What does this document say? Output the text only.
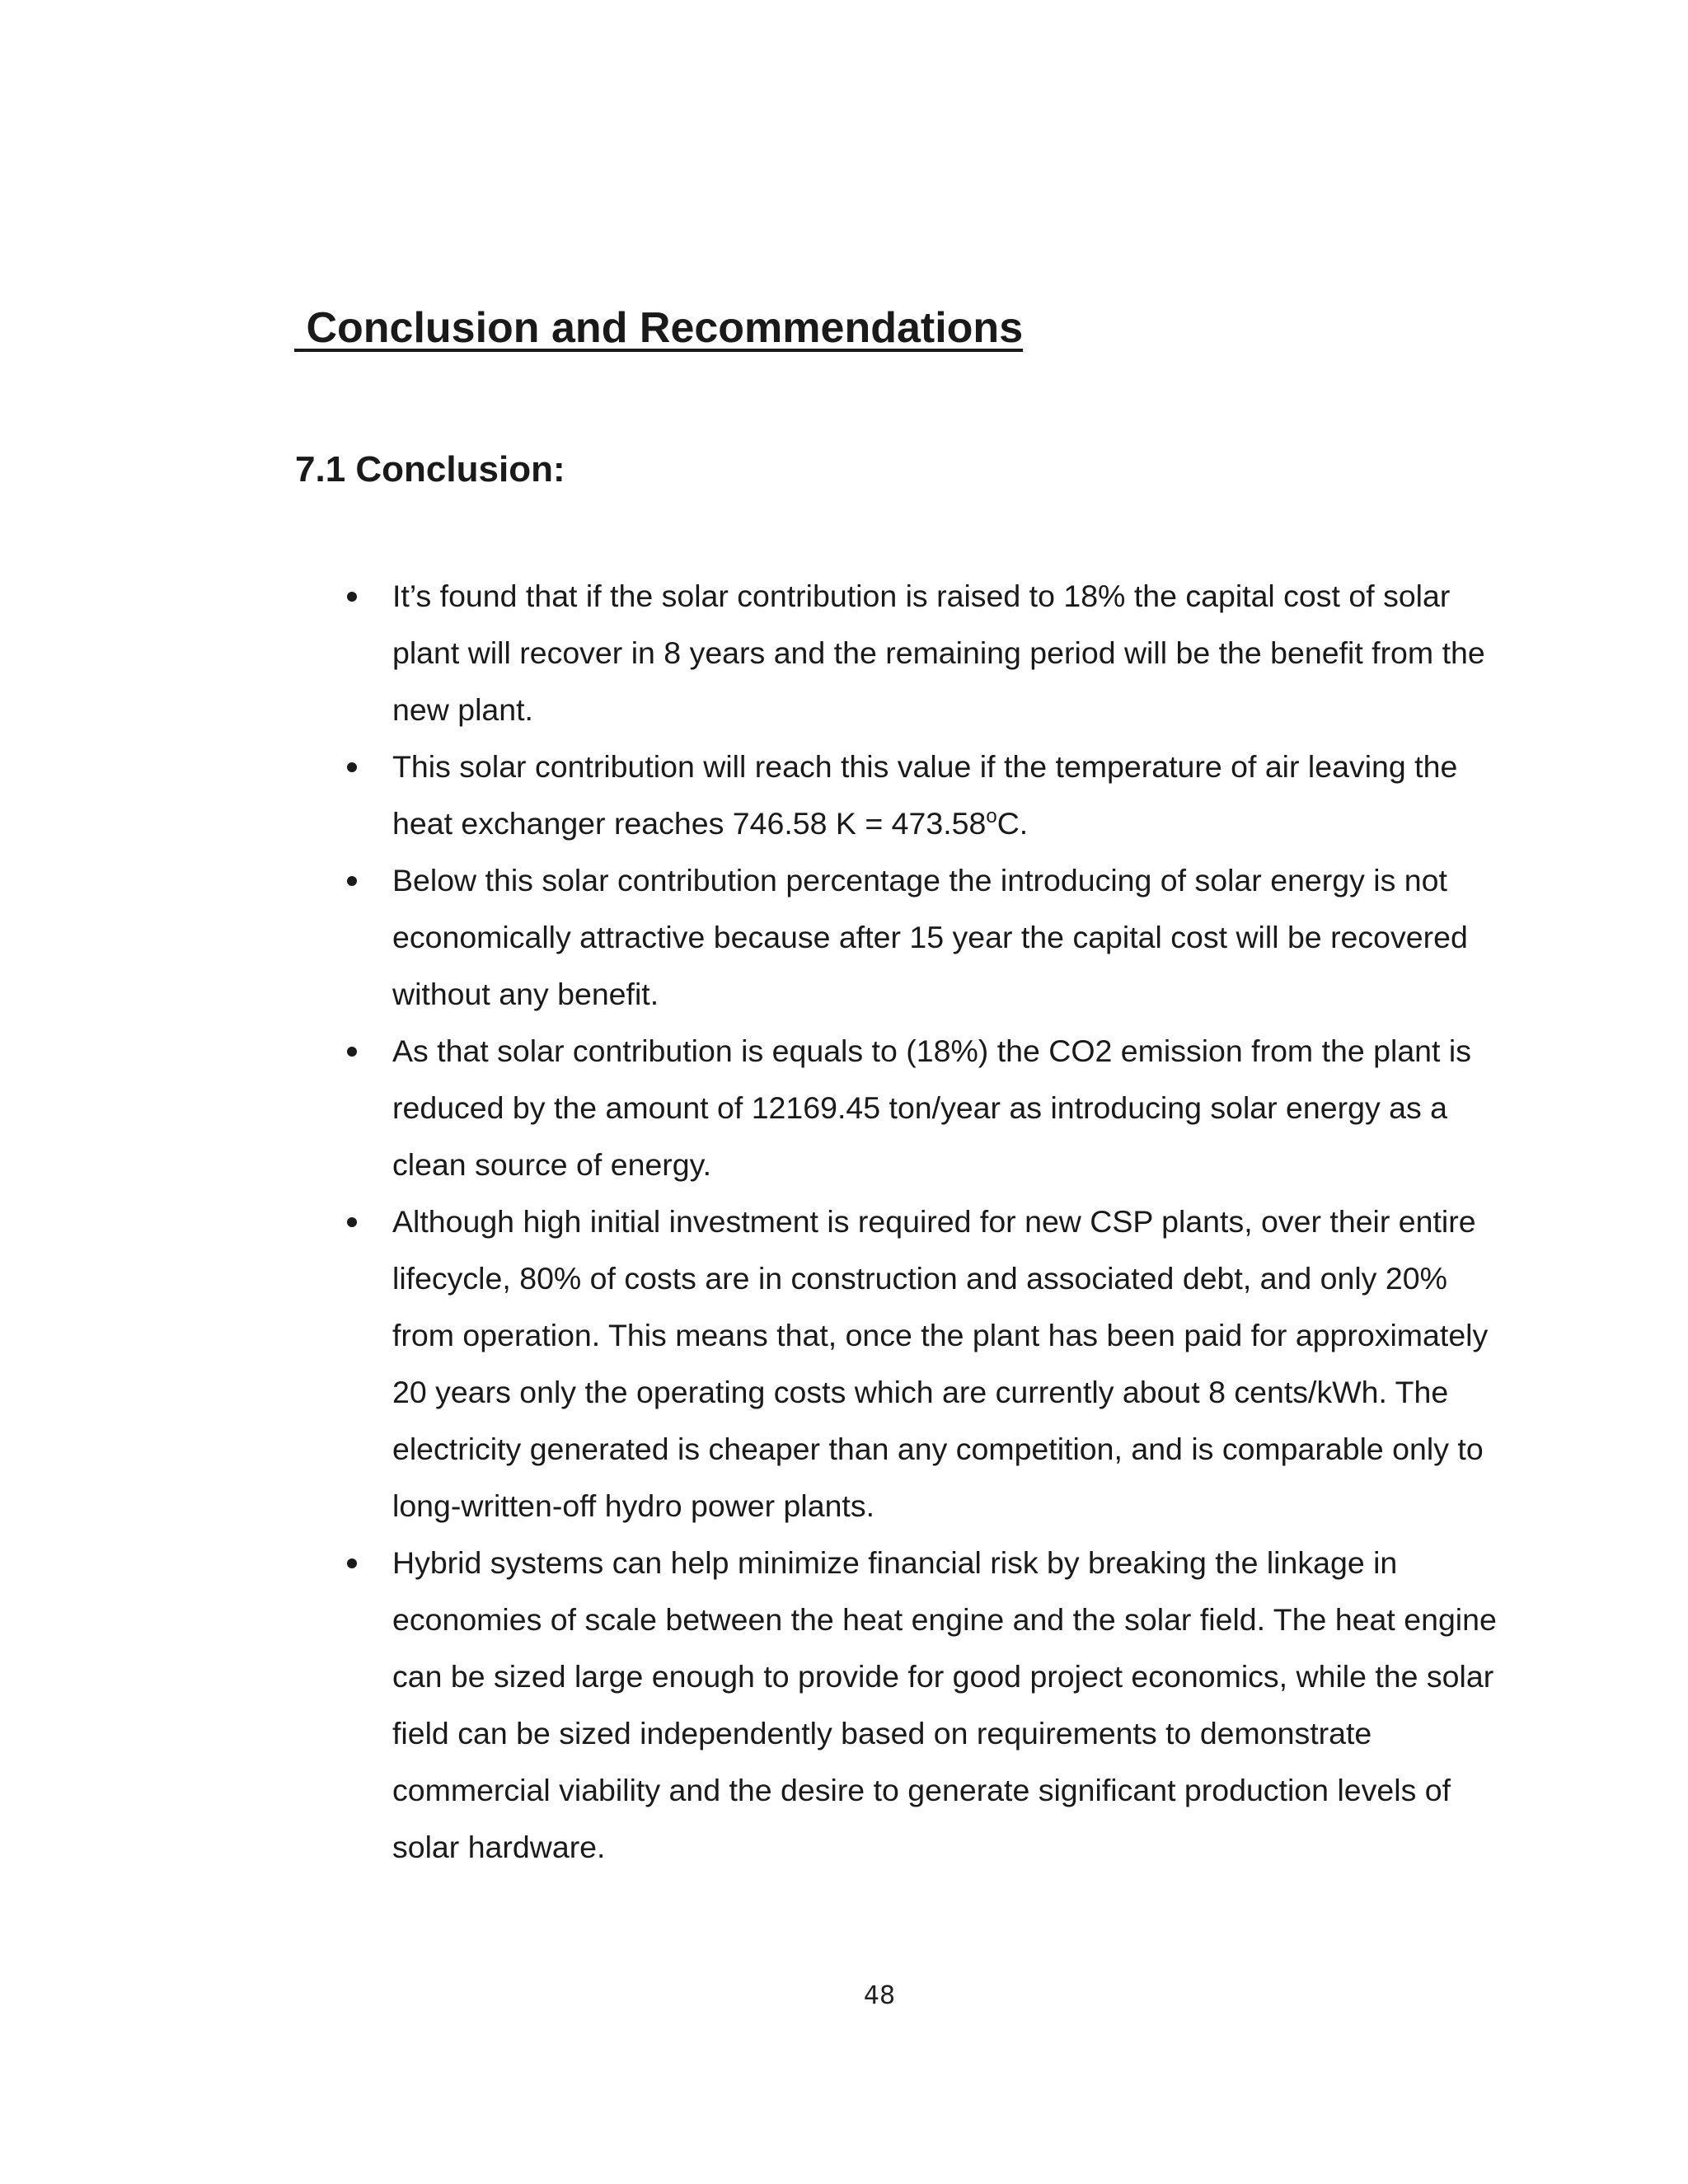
Conclusion and Recommendations
7.1 Conclusion:
It’s found that if the solar contribution is raised to 18% the capital cost of solar plant will recover in 8 years and the remaining period will be the benefit from the new plant.
This solar contribution will reach this value if the temperature of air leaving the heat exchanger reaches 746.58 $K = 473.58^oC$.
Below this solar contribution percentage the introducing of solar energy is not economically attractive because after 15 year the capital cost will be recovered without any benefit.
As that solar contribution is equals to (18%) the CO2 emission from the plant is reduced by the amount of 12169.45 ton/year as introducing solar energy as a clean source of energy.
Although high initial investment is required for new CSP plants, over their entire lifecycle, 80% of costs are in construction and associated debt, and only 20% from operation. This means that, once the plant has been paid for approximately 20 years only the operating costs which are currently about 8 cents/kWh. The electricity generated is cheaper than any competition, and is comparable only to long-written-off hydro power plants.
Hybrid systems can help minimize financial risk by breaking the linkage in economies of scale between the heat engine and the solar field. The heat engine can be sized large enough to provide for good project economics, while the solar field can be sized independently based on requirements to demonstrate commercial viability and the desire to generate significant production levels of solar hardware.
48
